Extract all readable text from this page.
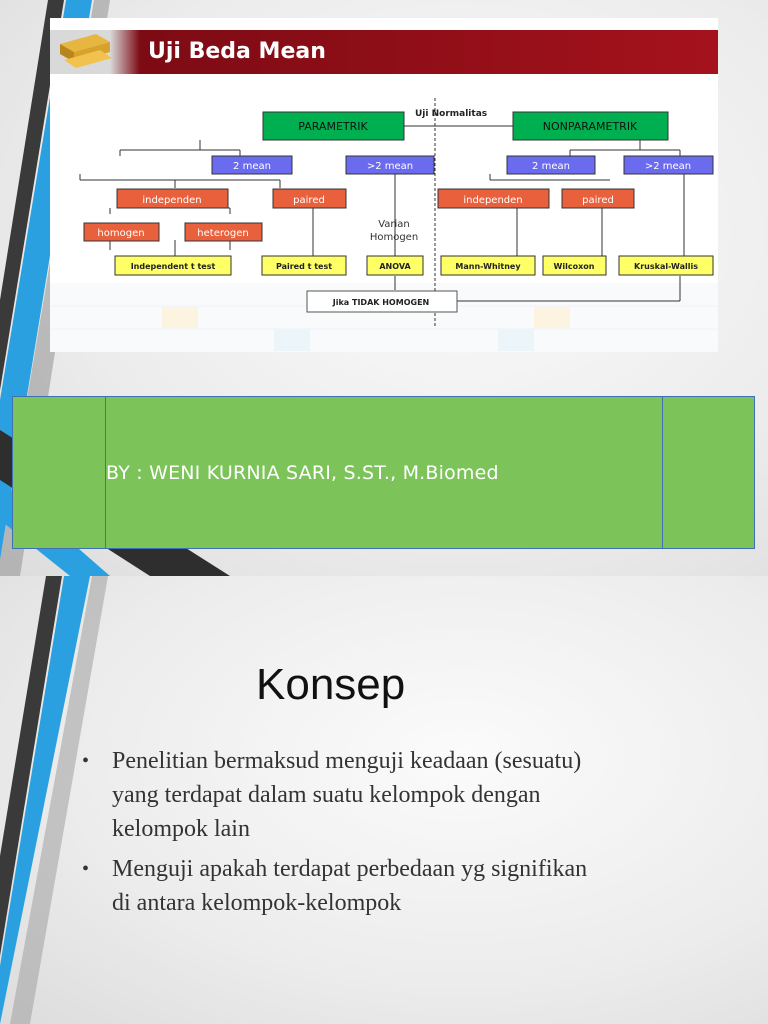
Uji Beda Mean
Uji Normalitas
PARAMETRIK	NONPARAMETRIK
2 mean	>2 mean	2 mean	>2 mean
independen	paired	independen	paired
homogen	heterogen
Varian
Homogen
Independent t test	Paired t test	ANOVA	Mann-Whitney	Wilcoxon	Kruskal-Wallis
Jika TIDAK HOMOGEN
	BY : WENI KURNIA SARI, S.ST., M.Biomed	
Konsep
• Penelitian bermaksud menguji keadaan (sesuatu) yang terdapat dalam suatu kelompok dengan kelompok lain
• Menguji apakah terdapat perbedaan yg signifikan di antara kelompok-kelompok
